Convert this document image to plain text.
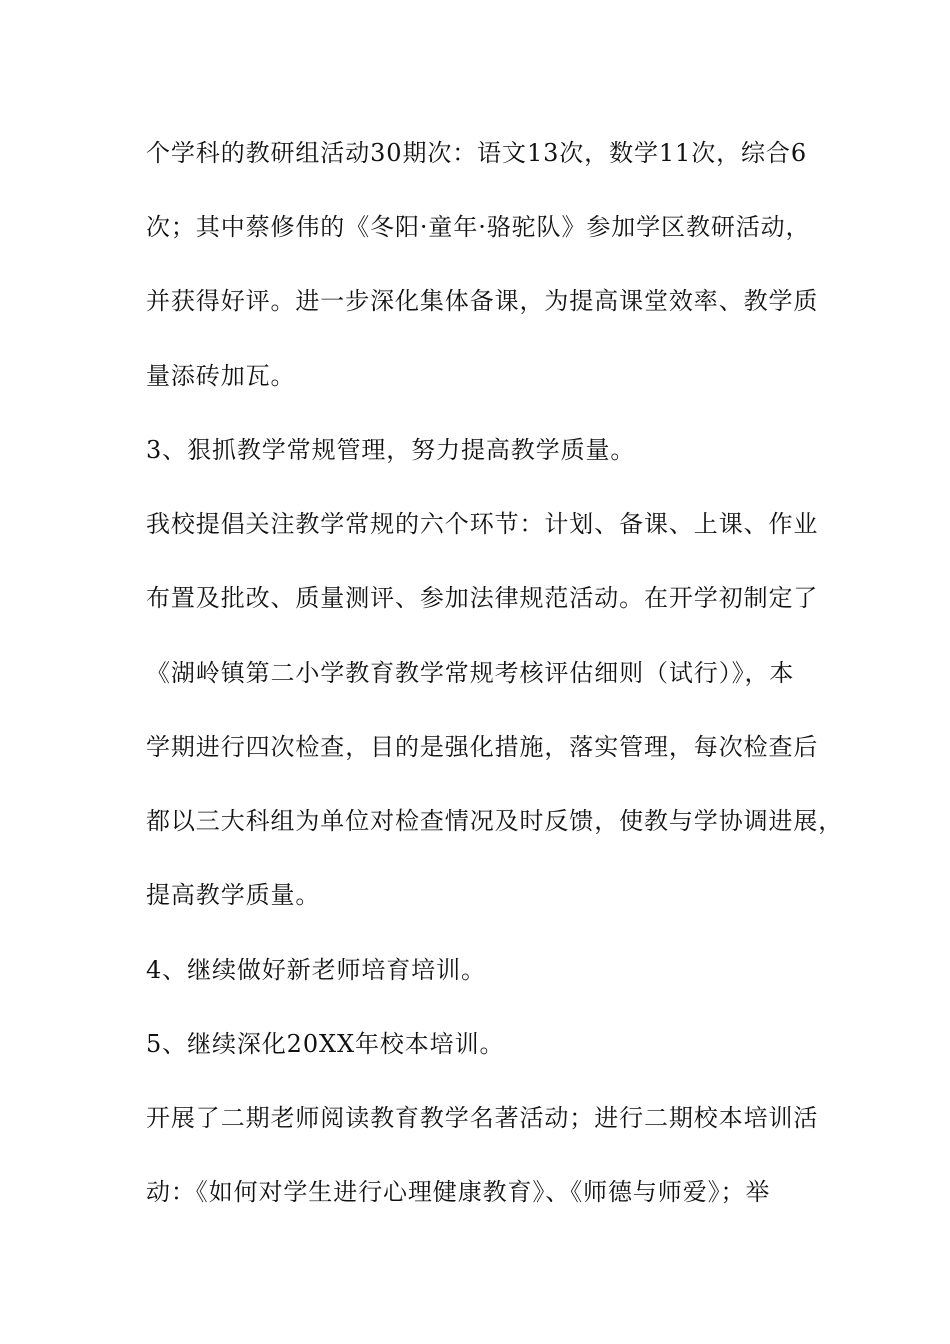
个学科的教研组活动30期次：语文13次，数学11次，综合6
次；其中蔡修伟的《冬阳·童年·骆驼队》参加学区教研活动，
并获得好评。进一步深化集体备课，为提高课堂效率、教学质
量添砖加瓦。
3、狠抓教学常规管理，努力提高教学质量。
我校提倡关注教学常规的六个环节：计划、备课、上课、作业
布置及批改、质量测评、参加法律规范活动。在开学初制定了
《湖岭镇第二小学教育教学常规考核评估细则（试行）》，本
学期进行四次检查，目的是强化措施，落实管理，每次检查后
都以三大科组为单位对检查情况及时反馈，使教与学协调进展，
提高教学质量。
4、继续做好新老师培育培训。
5、继续深化20XX年校本培训。
开展了二期老师阅读教育教学名著活动；进行二期校本培训活
动：《如何对学生进行心理健康教育》、《师德与师爱》；举
